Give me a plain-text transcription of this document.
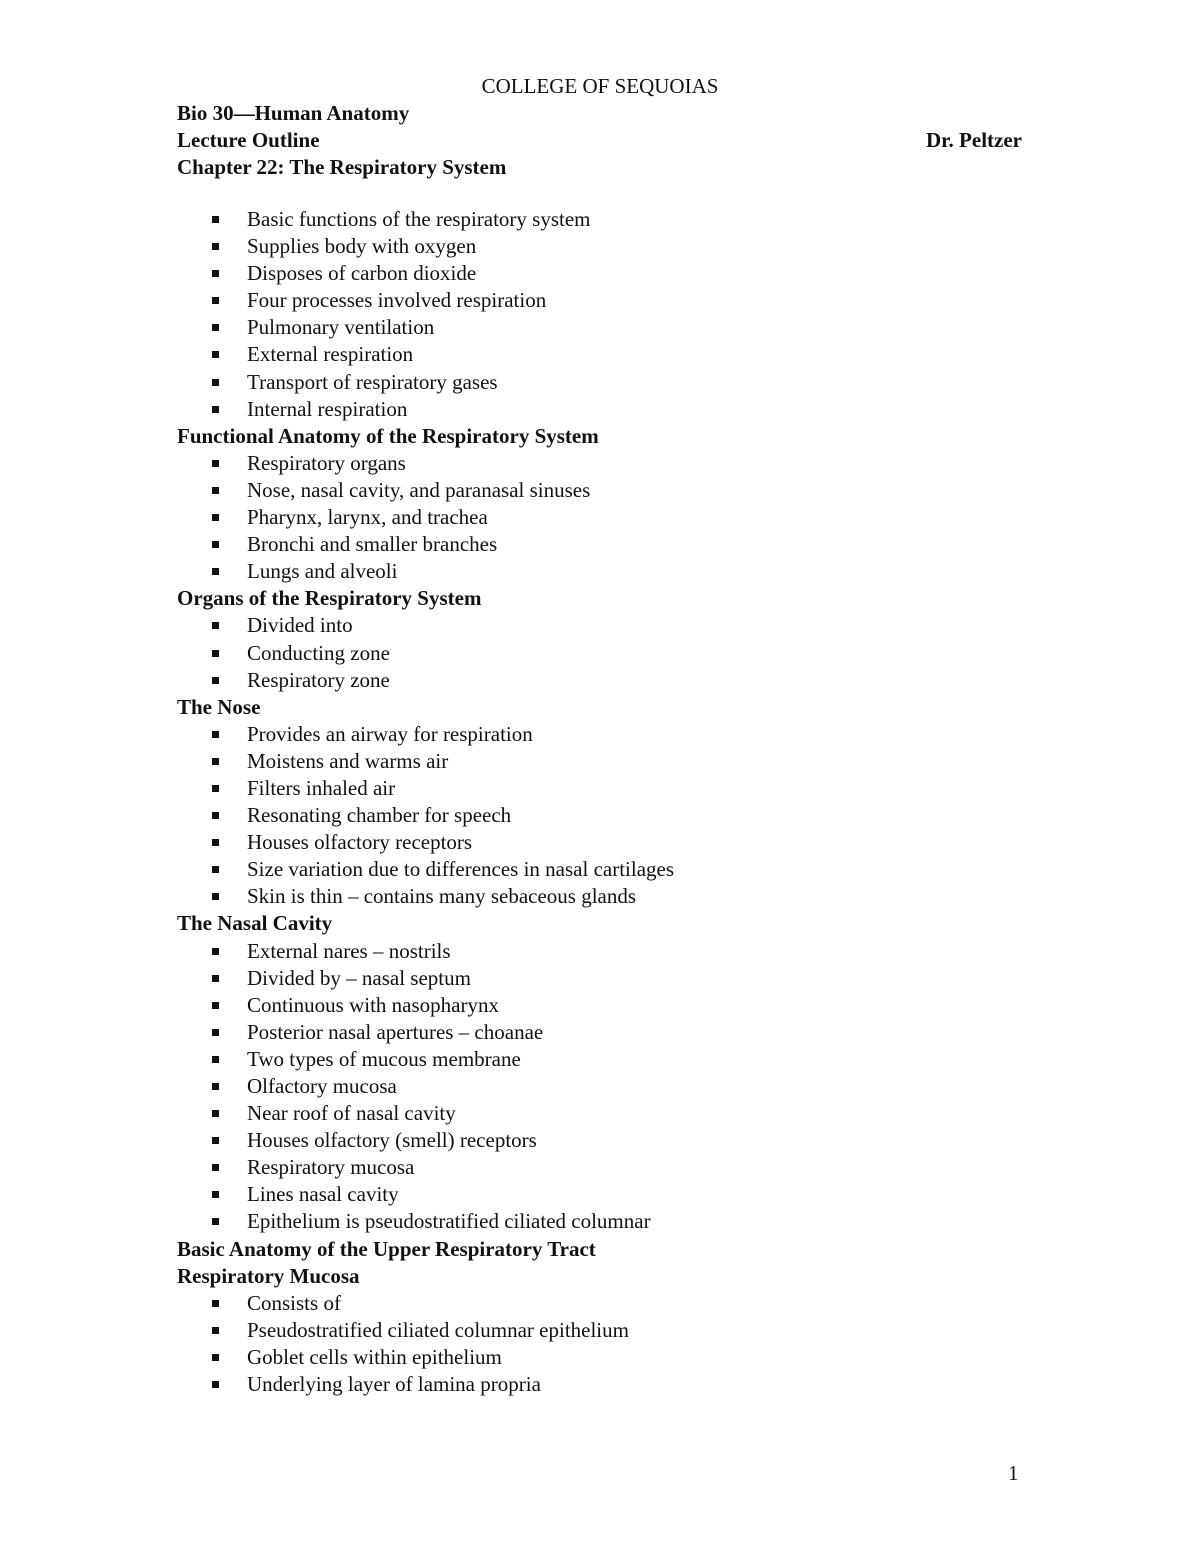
COLLEGE OF SEQUOIAS
Bio 30—Human Anatomy
Lecture Outline	Dr. Peltzer
Chapter 22: The Respiratory System
Basic functions of the respiratory system
Supplies body with oxygen
Disposes of carbon dioxide
Four processes involved respiration
Pulmonary ventilation
External respiration
Transport of respiratory gases
Internal respiration
Functional Anatomy of the Respiratory System
Respiratory organs
Nose, nasal cavity, and paranasal sinuses
Pharynx, larynx, and trachea
Bronchi and smaller branches
Lungs and alveoli
Organs of the Respiratory System
Divided into
Conducting zone
Respiratory zone
The Nose
Provides an airway for respiration
Moistens and warms air
Filters inhaled air
Resonating chamber for speech
Houses olfactory receptors
Size variation due to differences in nasal cartilages
Skin is thin – contains many sebaceous glands
The Nasal Cavity
External nares – nostrils
Divided by – nasal septum
Continuous with nasopharynx
Posterior nasal apertures – choanae
Two types of mucous membrane
Olfactory mucosa
Near roof of nasal cavity
Houses olfactory (smell) receptors
Respiratory mucosa
Lines nasal cavity
Epithelium is pseudostratified ciliated columnar
Basic Anatomy of the Upper Respiratory Tract
Respiratory Mucosa
Consists of
Pseudostratified ciliated columnar epithelium
Goblet cells within epithelium
Underlying layer of lamina propria
1
